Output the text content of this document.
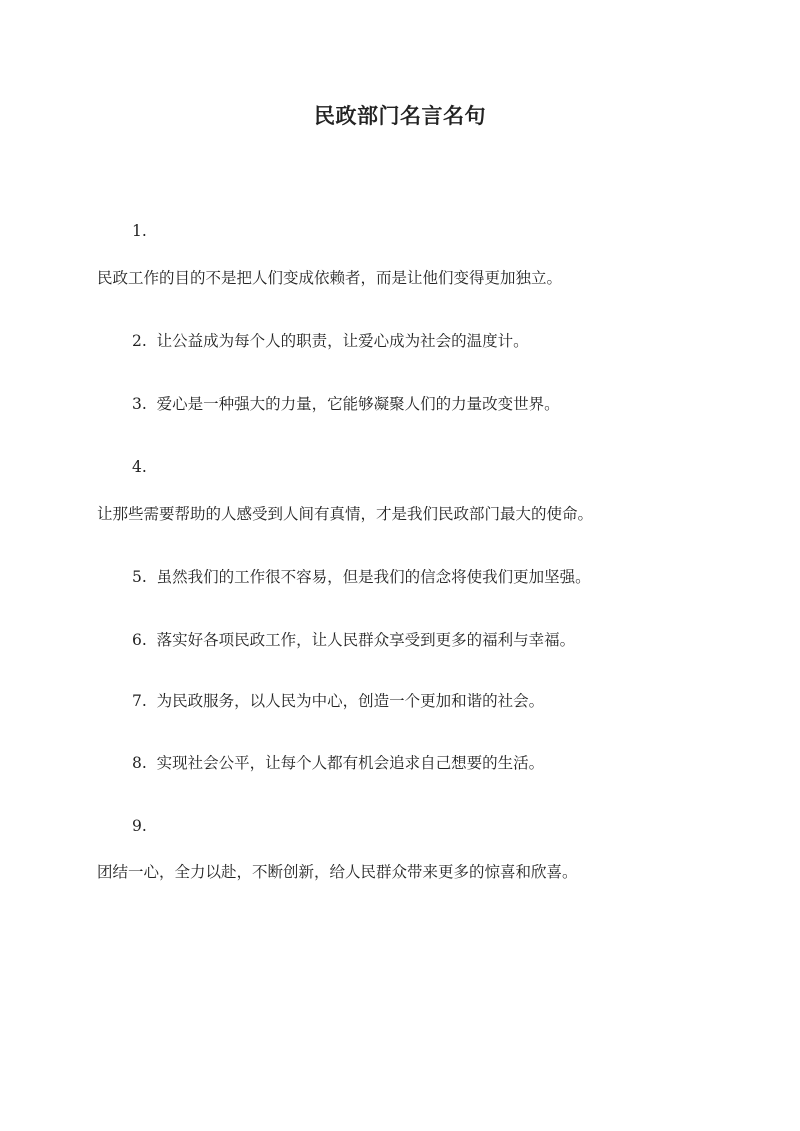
民政部门名言名句
1.
民政工作的目的不是把人们变成依赖者，而是让他们变得更加独立。
2. 让公益成为每个人的职责，让爱心成为社会的温度计。
3. 爱心是一种强大的力量，它能够凝聚人们的力量改变世界。
4.
让那些需要帮助的人感受到人间有真情，才是我们民政部门最大的使命。
5. 虽然我们的工作很不容易，但是我们的信念将使我们更加坚强。
6. 落实好各项民政工作，让人民群众享受到更多的福利与幸福。
7. 为民政服务，以人民为中心，创造一个更加和谐的社会。
8. 实现社会公平，让每个人都有机会追求自己想要的生活。
9.
团结一心，全力以赴，不断创新，给人民群众带来更多的惊喜和欣喜。
